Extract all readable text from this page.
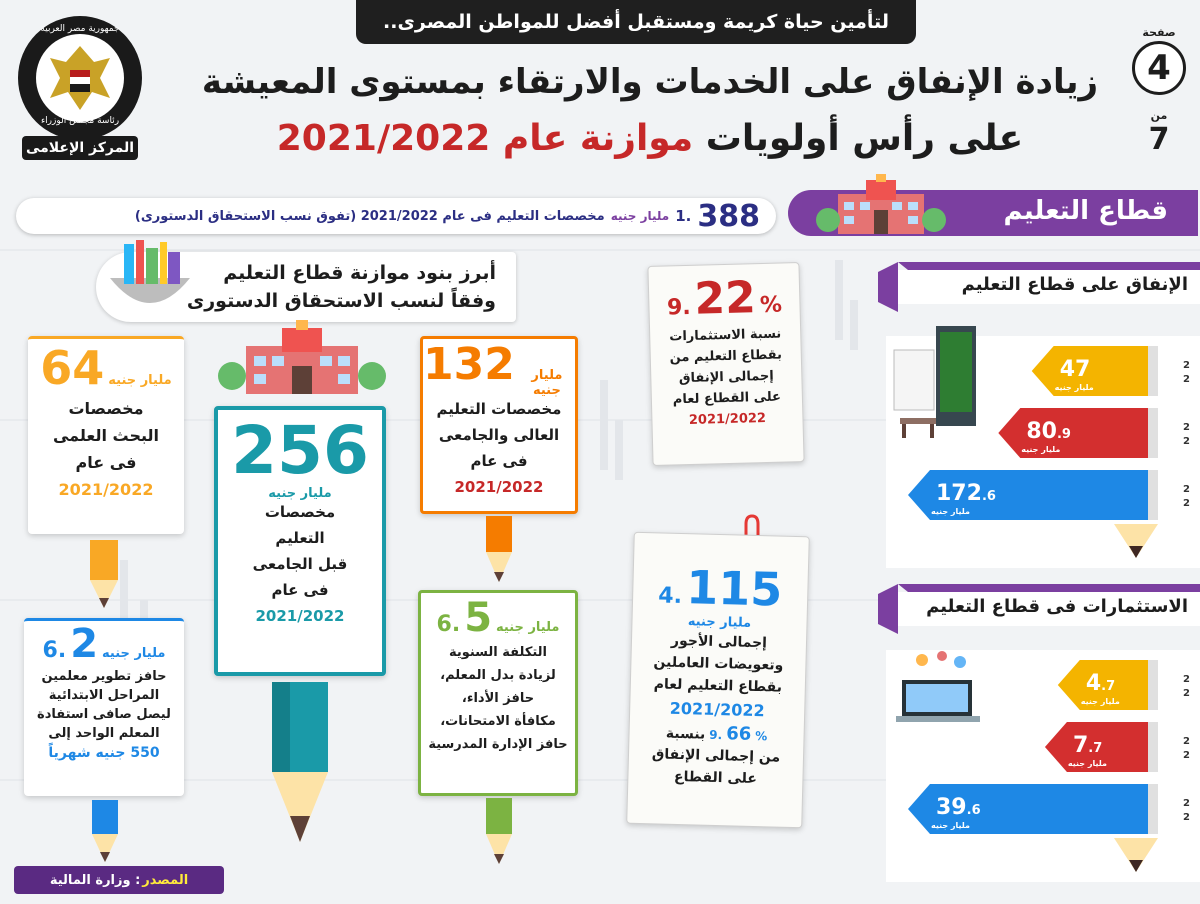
لتأمين حياة كريمة ومستقبل أفضل للمواطن المصرى..
جمهورية مصر العربية
رئاسة مجلس الوزراء
المركز الإعلامى
صفحة
4
من
7
زيادة الإنفاق على الخدمات والارتقاء بمستوى المعيشة
على رأس أولويات موازنة عام 2021/2022
قطاع التعليم
388
.1
مليار جنيه
مخصصات التعليم فى عام 2021/2022 (تفوق نسب الاستحقاق الدستورى)
أبرز بنود موازنة قطاع التعليم
وفقاً لنسب الاستحقاق الدستورى
مليار جنيه
64
مخصصات
البحث العلمى
فى عام
2021/2022
مليار جنيه
2
.6
حافز تطوير معلمين
المراحل الابتدائية
ليصل صافى استفادة
المعلم الواحد إلى
550 جنيه شهرياً
256
مليار جنيه
مخصصات
التعليم
قبل الجامعى
فى عام
2021/2022
مليار جنيه
132
مخصصات التعليم
العالى والجامعى
فى عام
2021/2022
مليار جنيه
5
.6
التكلفة السنوية
لزيادة بدل المعلم،
حافز الأداء،
مكافأة الامتحانات،
حافز الإدارة المدرسية
%
22
.9
نسبة الاستثمارات
بقطاع التعليم من
إجمالى الإنفاق
على القطاع لعام
2021/2022
115
.4
مليار جنيه
إجمالى الأجور
وتعويضات العاملين
بقطاع التعليم لعام
2021/2022
%
66
.9
بنسبة
من إجمالى الإنفاق
على القطاع
الإنفاق على قطاع التعليم
47
مليار جنيه
2
2
80.9
مليار جنيه
2
2
172.6
مليار جنيه
2
2
الاستثمارات فى قطاع التعليم
4.7
مليار جنيه
2
2
7.7
مليار جنيه
2
2
39.6
مليار جنيه
2
2
المصدر
: وزارة المالية
